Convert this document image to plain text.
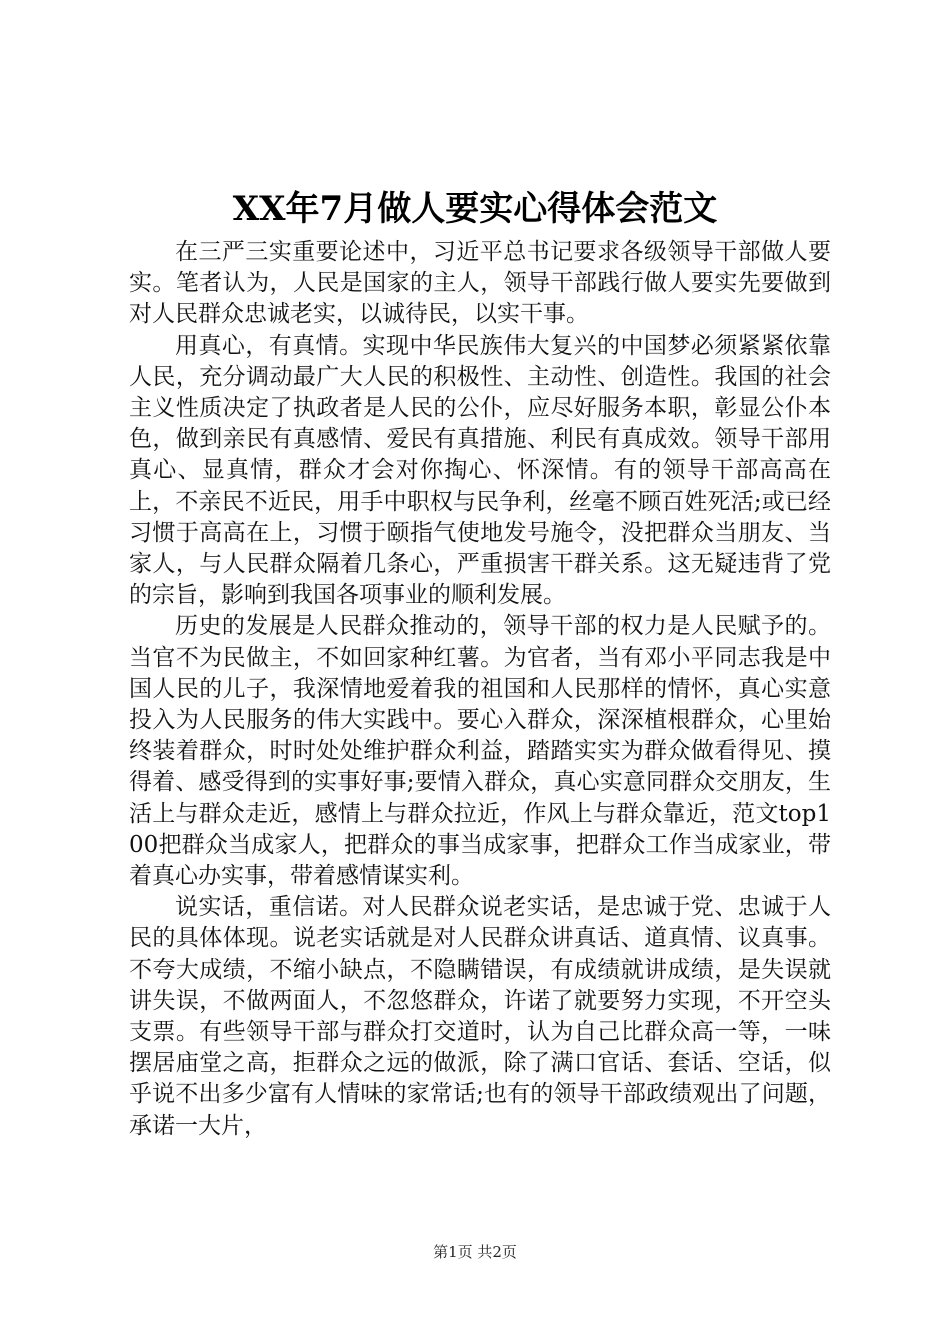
XX年7月做人要实心得体会范文

在三严三实重要论述中，习近平总书记要求各级领导干部做人要实。笔者认为，人民是国家的主人，领导干部践行做人要实先要做到对人民群众忠诚老实，以诚待民，以实干事。

用真心，有真情。实现中华民族伟大复兴的中国梦必须紧紧依靠人民，充分调动最广大人民的积极性、主动性、创造性。我国的社会主义性质决定了执政者是人民的公仆，应尽好服务本职，彰显公仆本色，做到亲民有真感情、爱民有真措施、利民有真成效。领导干部用真心、显真情，群众才会对你掏心、怀深情。有的领导干部高高在上，不亲民不近民，用手中职权与民争利，丝毫不顾百姓死活;或已经习惯于高高在上，习惯于颐指气使地发号施令，没把群众当朋友、当家人，与人民群众隔着几条心，严重损害干群关系。这无疑违背了党的宗旨，影响到我国各项事业的顺利发展。

历史的发展是人民群众推动的，领导干部的权力是人民赋予的。当官不为民做主，不如回家种红薯。为官者，当有邓小平同志我是中国人民的儿子，我深情地爱着我的祖国和人民那样的情怀，真心实意投入为人民服务的伟大实践中。要心入群众，深深植根群众，心里始终装着群众，时时处处维护群众利益，踏踏实实为群众做看得见、摸得着、感受得到的实事好事;要情入群众，真心实意同群众交朋友，生活上与群众走近，感情上与群众拉近，作风上与群众靠近，范文top100把群众当成家人，把群众的事当成家事，把群众工作当成家业，带着真心办实事，带着感情谋实利。

说实话，重信诺。对人民群众说老实话，是忠诚于党、忠诚于人民的具体体现。说老实话就是对人民群众讲真话、道真情、议真事。不夸大成绩，不缩小缺点，不隐瞒错误，有成绩就讲成绩，是失误就讲失误，不做两面人，不忽悠群众，许诺了就要努力实现，不开空头支票。有些领导干部与群众打交道时，认为自己比群众高一等，一味摆居庙堂之高，拒群众之远的做派，除了满口官话、套话、空话，似乎说不出多少富有人情味的家常话;也有的领导干部政绩观出了问题，承诺一大片，

第1页 共2页
